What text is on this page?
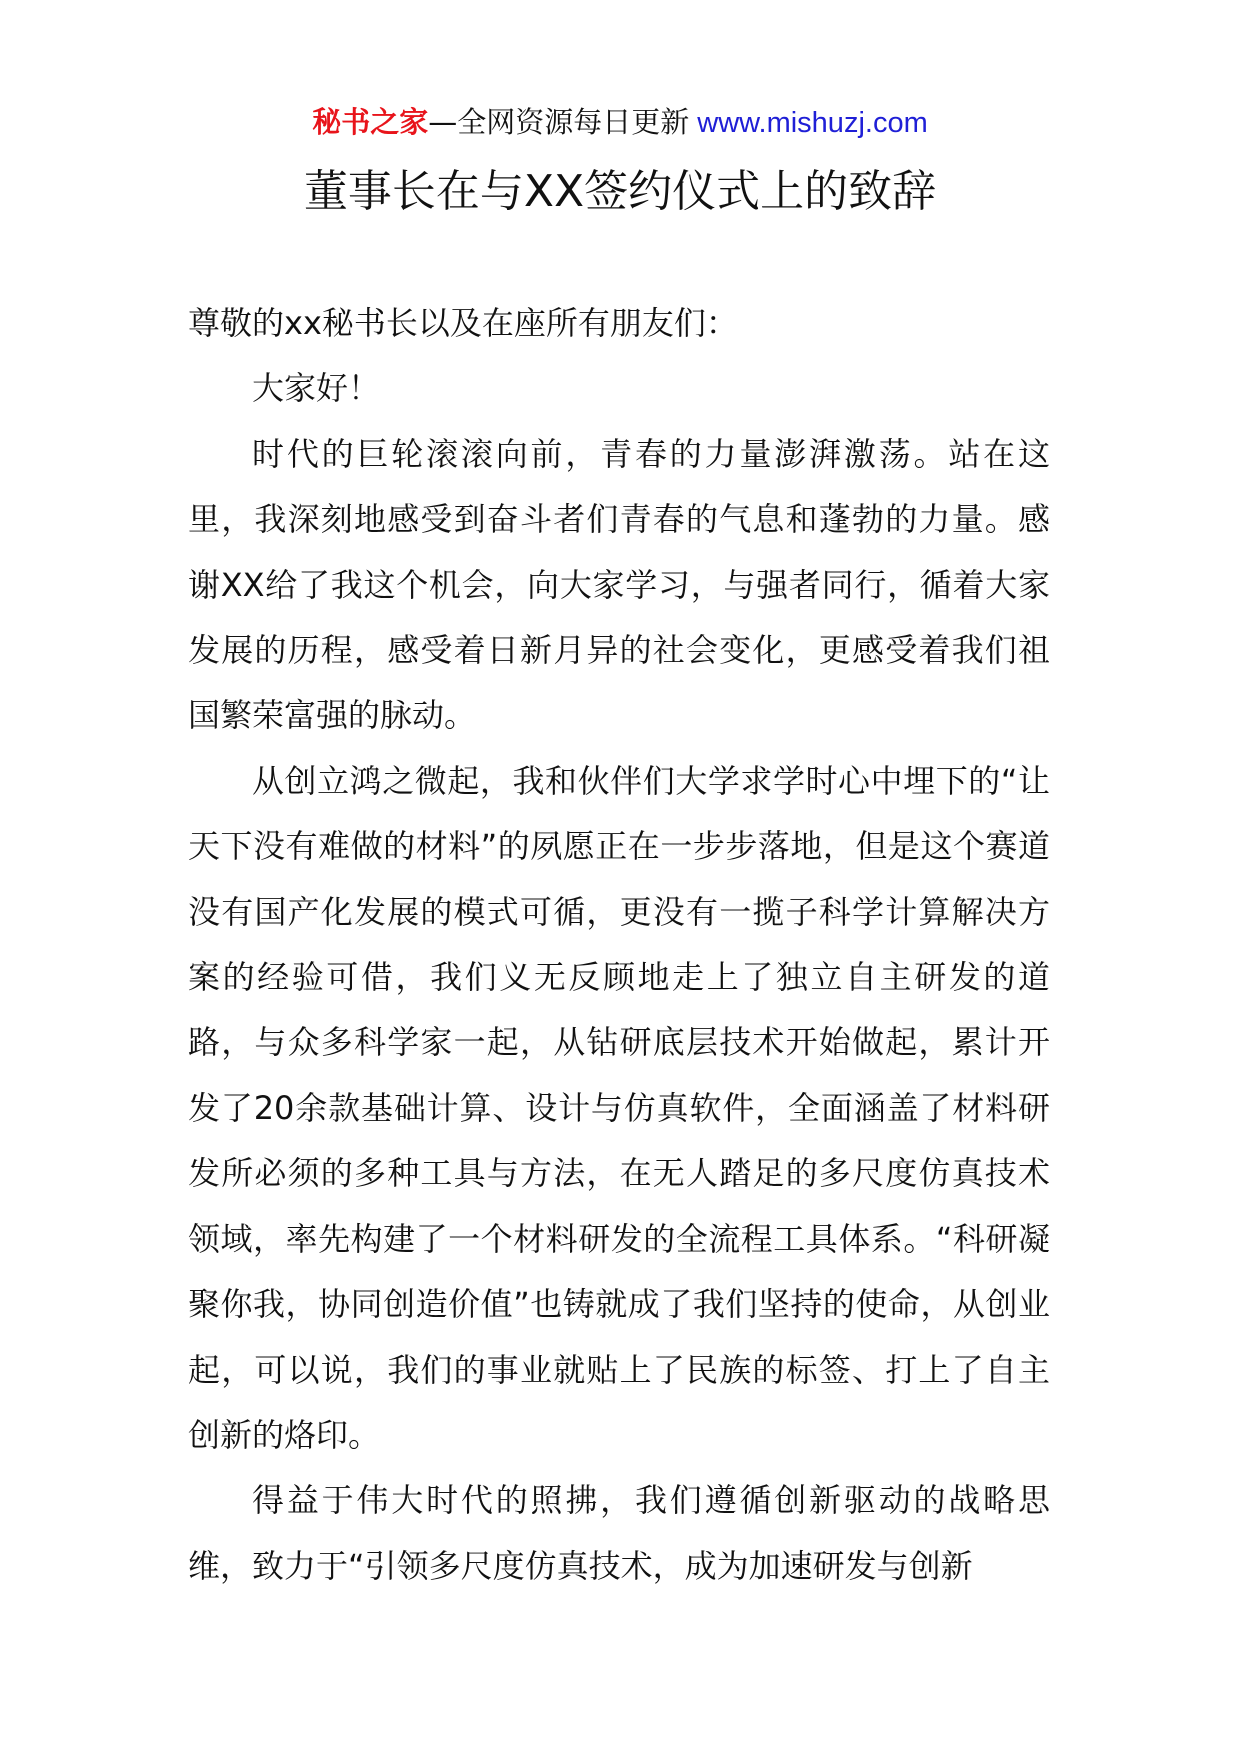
秘书之家—全网资源每日更新 www.mishuzj.com
董事长在与XX签约仪式上的致辞

尊敬的xx秘书长以及在座所有朋友们：

大家好！

时代的巨轮滚滚向前，青春的力量澎湃激荡。站在这里，我深刻地感受到奋斗者们青春的气息和蓬勃的力量。感谢XX给了我这个机会，向大家学习，与强者同行，循着大家发展的历程，感受着日新月异的社会变化，更感受着我们祖国繁荣富强的脉动。

从创立鸿之微起，我和伙伴们大学求学时心中埋下的“让天下没有难做的材料”的夙愿正在一步步落地，但是这个赛道没有国产化发展的模式可循，更没有一揽子科学计算解决方案的经验可借，我们义无反顾地走上了独立自主研发的道路，与众多科学家一起，从钻研底层技术开始做起，累计开发了20余款基础计算、设计与仿真软件，全面涵盖了材料研发所必须的多种工具与方法，在无人踏足的多尺度仿真技术领域，率先构建了一个材料研发的全流程工具体系。“科研凝聚你我，协同创造价值”也铸就成了我们坚持的使命，从创业起，可以说，我们的事业就贴上了民族的标签、打上了自主创新的烙印。

得益于伟大时代的照拂，我们遵循创新驱动的战略思维，致力于“引领多尺度仿真技术，成为加速研发与创新
